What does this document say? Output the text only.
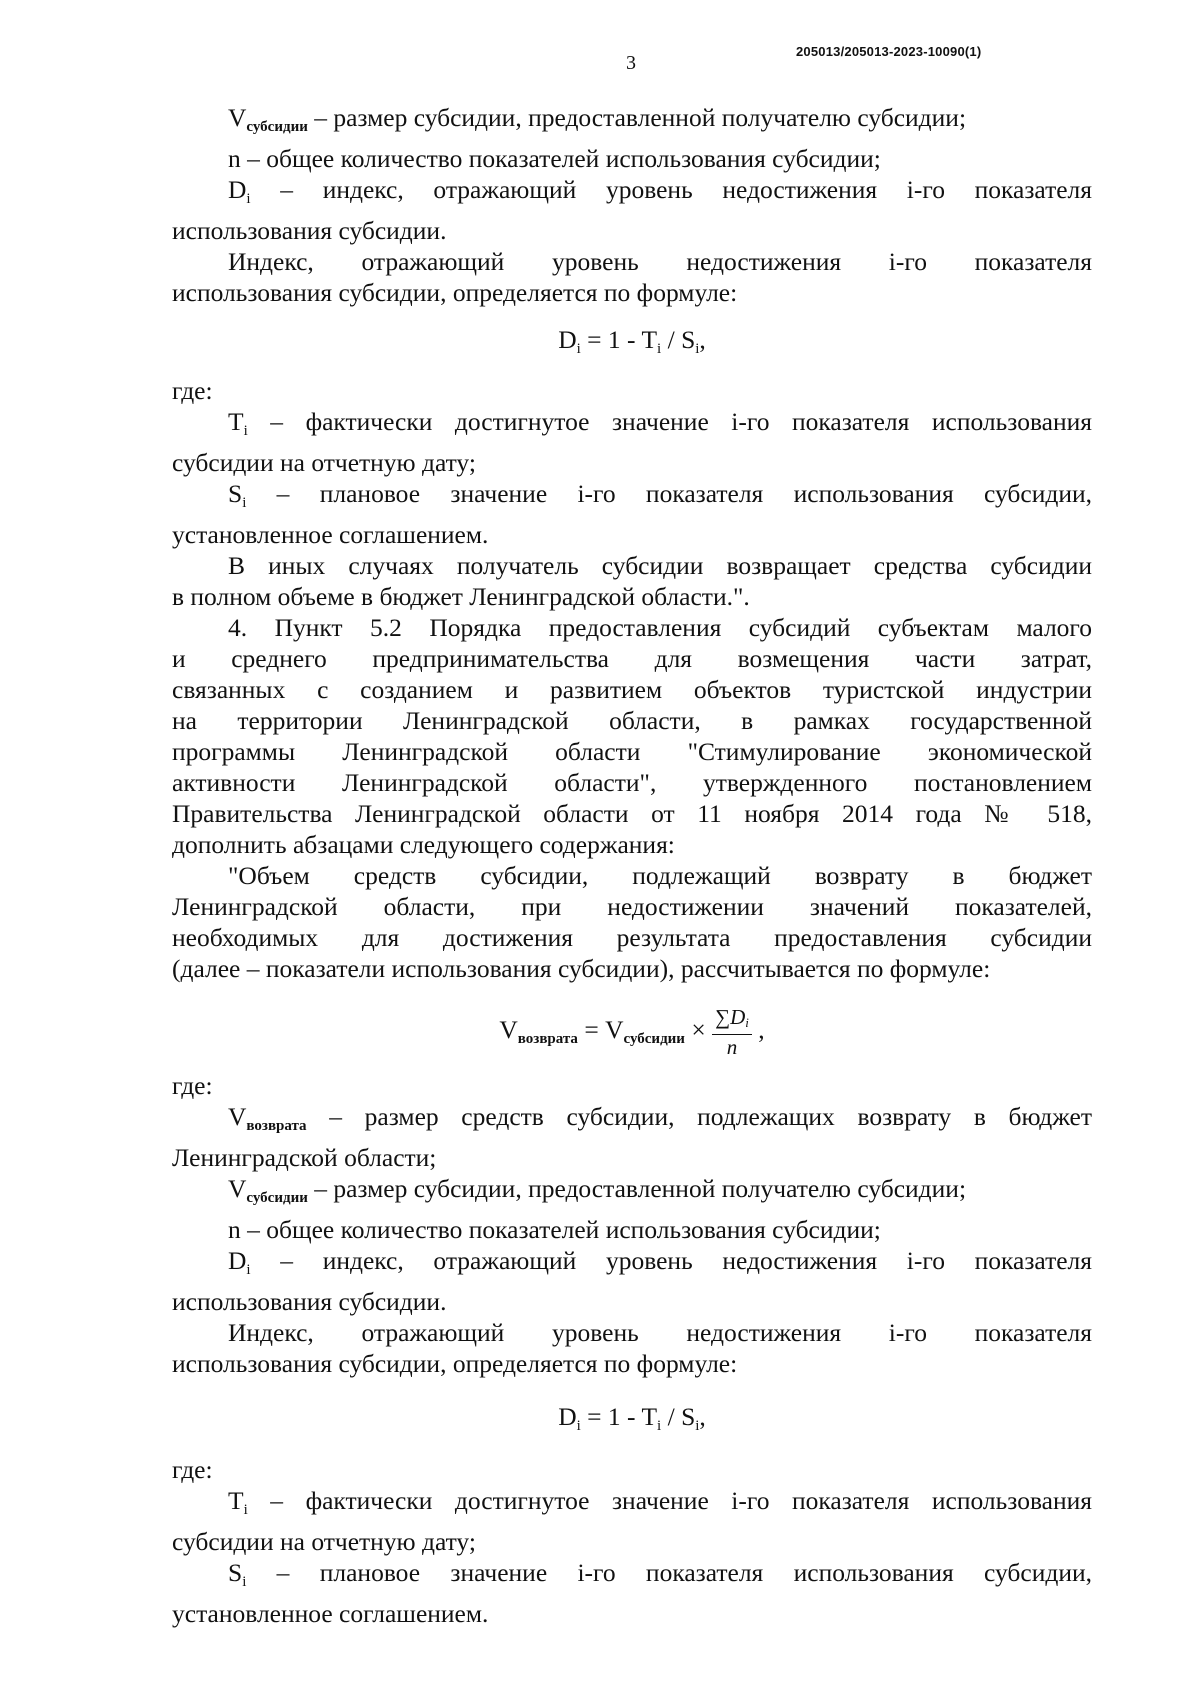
3
205013/205013-2023-10090(1)
$V_{субсидии}$ – размер субсидии, предоставленной получателю субсидии;
n – общее количество показателей использования субсидии;
$D_i$ – индекс, отражающий уровень недостижения i-го показателя
использования субсидии.
Индекс, отражающий уровень недостижения i-го показателя
использования субсидии, определяется по формуле:
$D_i = 1 - T_i / S_i$,
где:
$T_i$ – фактически достигнутое значение i-го показателя использования
субсидии на отчетную дату;
$S_i$ – плановое значение i-го показателя использования субсидии,
установленное соглашением.
В иных случаях получатель субсидии возвращает средства субсидии
в полном объеме в бюджет Ленинградской области.".
4. Пункт 5.2 Порядка предоставления субсидий субъектам малого
и среднего предпринимательства для возмещения части затрат,
связанных с созданием и развитием объектов туристской индустрии
на территории Ленинградской области, в рамках государственной
программы Ленинградской области "Стимулирование экономической
активности Ленинградской области", утвержденного постановлением
Правительства Ленинградской области от 11 ноября 2014 года № 518,
дополнить абзацами следующего содержания:
"Объем средств субсидии, подлежащий возврату в бюджет
Ленинградской области, при недостижении значений показателей,
необходимых для достижения результата предоставления субсидии
(далее – показатели использования субсидии), рассчитывается по формуле:
$V_{возврата} = V_{субсидии} \times \frac{\sum D_i}{n}$ ,
где:
$V_{возврата}$ – размер средств субсидии, подлежащих возврату в бюджет
Ленинградской области;
$V_{субсидии}$ – размер субсидии, предоставленной получателю субсидии;
n – общее количество показателей использования субсидии;
$D_i$ – индекс, отражающий уровень недостижения i-го показателя
использования субсидии.
Индекс, отражающий уровень недостижения i-го показателя
использования субсидии, определяется по формуле:
$D_i = 1 - T_i / S_i$,
где:
$T_i$ – фактически достигнутое значение i-го показателя использования
субсидии на отчетную дату;
$S_i$ – плановое значение i-го показателя использования субсидии,
установленное соглашением.
